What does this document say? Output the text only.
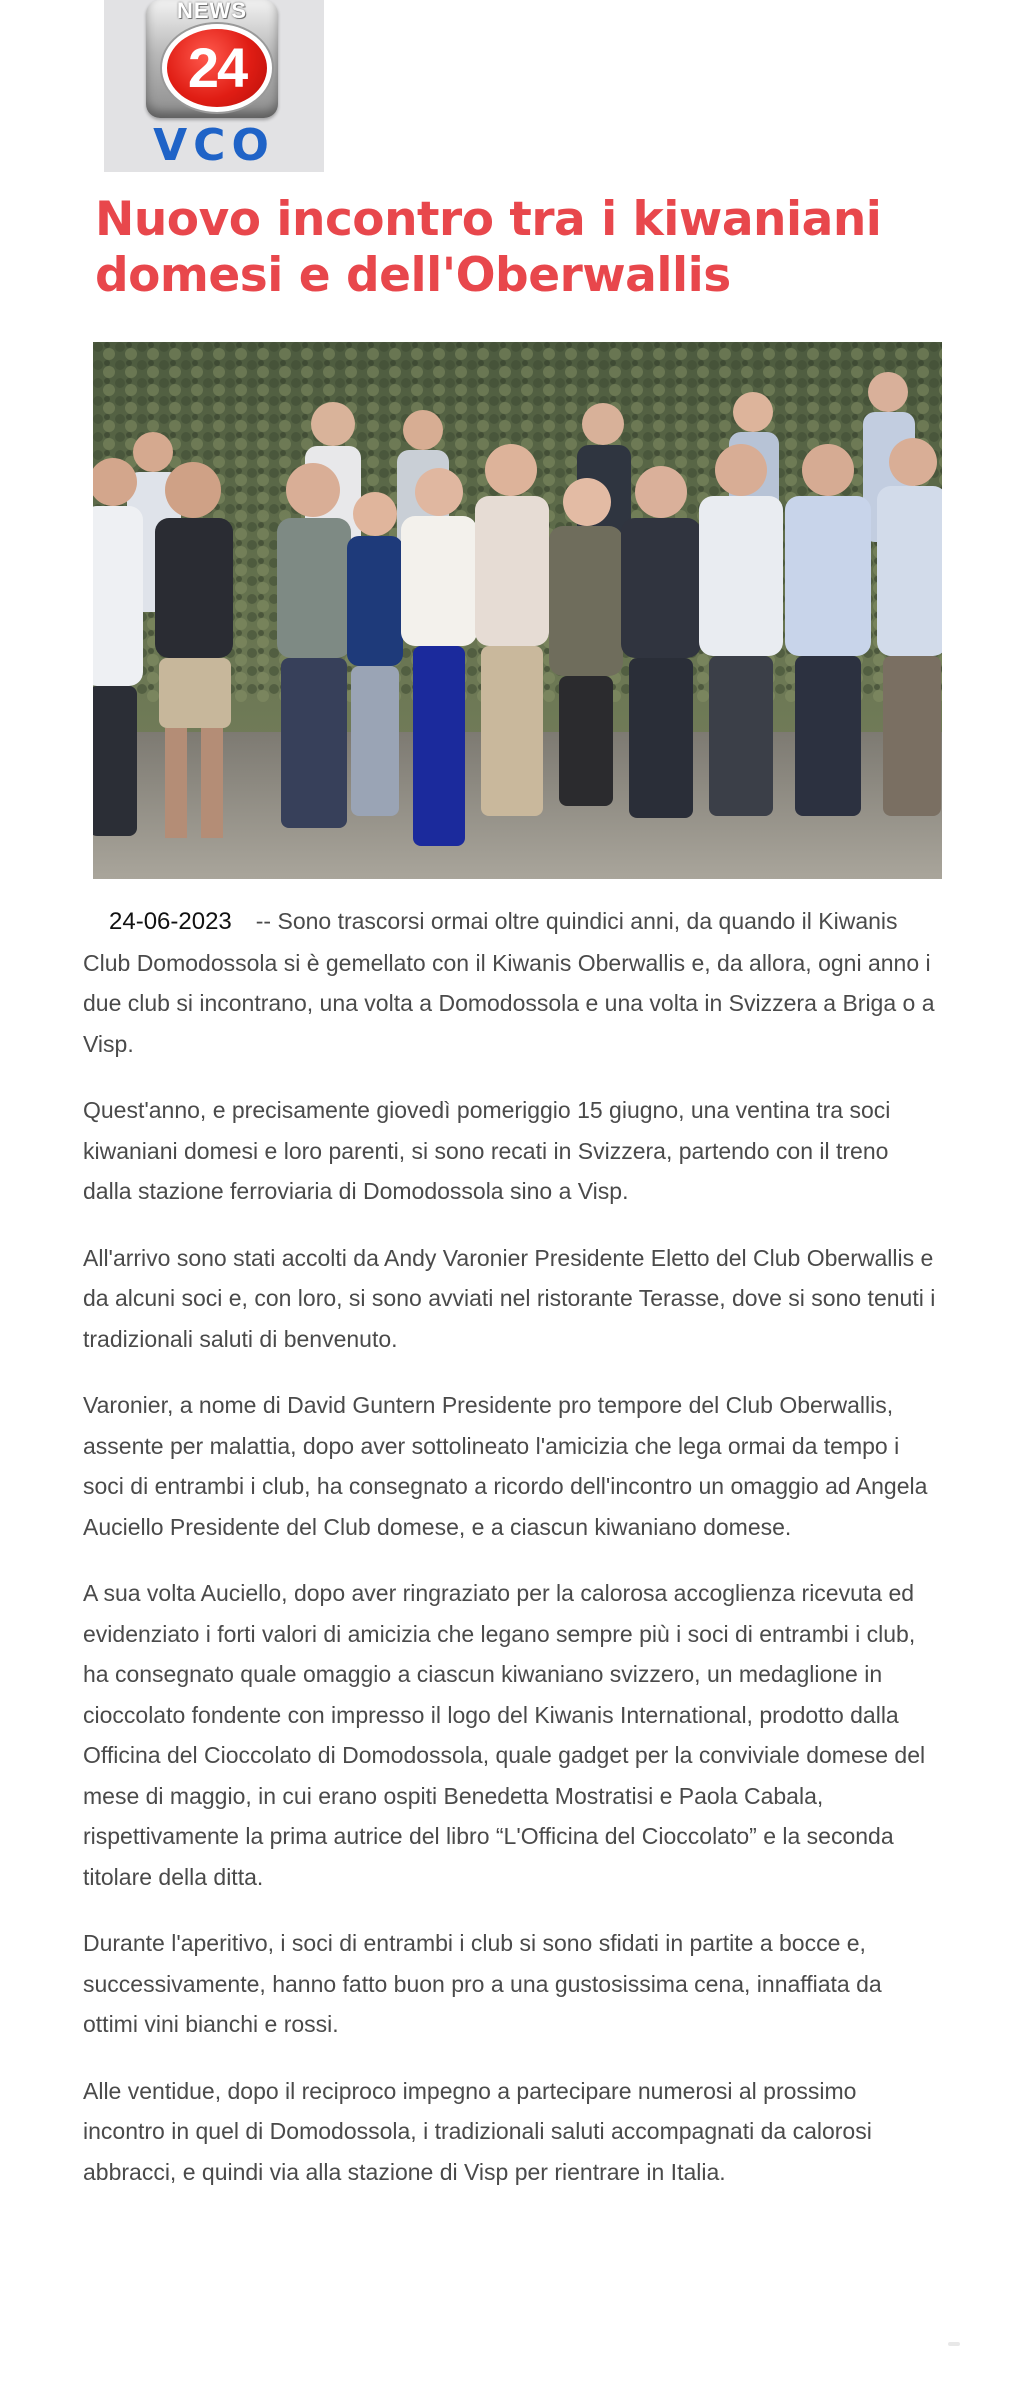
NEWS
24
VCO
Nuovo incontro tra i kiwaniani domesi e dell'Oberwallis

24-06-2023 -- Sono trascorsi ormai oltre quindici anni, da quando il Kiwanis Club Domodossola si è gemellato con il Kiwanis Oberwallis e, da allora, ogni anno i due club si incontrano, una volta a Domodossola e una volta in Svizzera a Briga o a Visp.

Quest'anno, e precisamente giovedì pomeriggio 15 giugno, una ventina tra soci kiwaniani domesi e loro parenti, si sono recati in Svizzera, partendo con il treno dalla stazione ferroviaria di Domodossola sino a Visp.

All'arrivo sono stati accolti da Andy Varonier Presidente Eletto del Club Oberwallis e da alcuni soci e, con loro, si sono avviati nel ristorante Terasse, dove si sono tenuti i tradizionali saluti di benvenuto.

Varonier, a nome di David Guntern Presidente pro tempore del Club Oberwallis, assente per malattia, dopo aver sottolineato l'amicizia che lega ormai da tempo i soci di entrambi i club, ha consegnato a ricordo dell'incontro un omaggio ad Angela Auciello Presidente del Club domese, e a ciascun kiwaniano domese.

A sua volta Auciello, dopo aver ringraziato per la calorosa accoglienza ricevuta ed evidenziato i forti valori di amicizia che legano sempre più i soci di entrambi i club, ha consegnato quale omaggio a ciascun kiwaniano svizzero, un medaglione in cioccolato fondente con impresso il logo del Kiwanis International, prodotto dalla Officina del Cioccolato di Domodossola, quale gadget per la conviviale domese del mese di maggio, in cui erano ospiti Benedetta Mostratisi e Paola Cabala, rispettivamente la prima autrice del libro “L'Officina del Cioccolato” e la seconda titolare della ditta.

Durante l'aperitivo, i soci di entrambi i club si sono sfidati in partite a bocce e, successivamente, hanno fatto buon pro a una gustosissima cena, innaffiata da ottimi vini bianchi e rossi.

Alle ventidue, dopo il reciproco impegno a partecipare numerosi al prossimo incontro in quel di Domodossola, i tradizionali saluti accompagnati da calorosi abbracci, e quindi via alla stazione di Visp per rientrare in Italia.
